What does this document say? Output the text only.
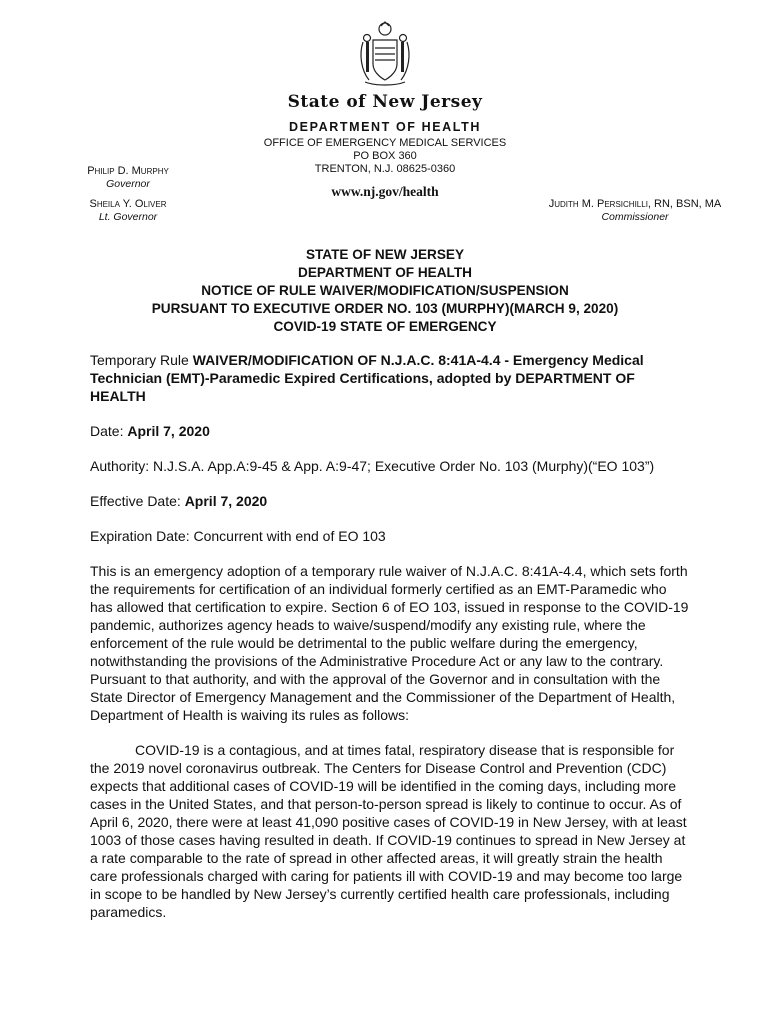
State of New Jersey
DEPARTMENT OF HEALTH
OFFICE OF EMERGENCY MEDICAL SERVICES
PO BOX 360
TRENTON, N.J. 08625-0360
www.nj.gov/health
Philip D. Murphy
Governor
Sheila Y. Oliver
Lt. Governor
Judith M. Persichilli, RN, BSN, MA
Commissioner
STATE OF NEW JERSEY
DEPARTMENT OF HEALTH
NOTICE OF RULE WAIVER/MODIFICATION/SUSPENSION
PURSUANT TO EXECUTIVE ORDER NO. 103 (MURPHY)(MARCH 9, 2020)
COVID-19 STATE OF EMERGENCY

Temporary Rule WAIVER/MODIFICATION OF N.J.A.C. 8:41A-4.4 - Emergency Medical Technician (EMT)-Paramedic Expired Certifications, adopted by DEPARTMENT OF HEALTH

Date: April 7, 2020

Authority: N.J.S.A. App.A:9-45 & App. A:9-47; Executive Order No. 103 (Murphy)(“EO 103”)

Effective Date: April 7, 2020

Expiration Date: Concurrent with end of EO 103

This is an emergency adoption of a temporary rule waiver of N.J.A.C. 8:41A-4.4, which sets forth the requirements for certification of an individual formerly certified as an EMT-Paramedic who has allowed that certification to expire. Section 6 of EO 103, issued in response to the COVID-19 pandemic, authorizes agency heads to waive/suspend/modify any existing rule, where the enforcement of the rule would be detrimental to the public welfare during the emergency, notwithstanding the provisions of the Administrative Procedure Act or any law to the contrary. Pursuant to that authority, and with the approval of the Governor and in consultation with the State Director of Emergency Management and the Commissioner of the Department of Health, Department of Health is waiving its rules as follows:

COVID-19 is a contagious, and at times fatal, respiratory disease that is responsible for the 2019 novel coronavirus outbreak. The Centers for Disease Control and Prevention (CDC) expects that additional cases of COVID-19 will be identified in the coming days, including more cases in the United States, and that person-to-person spread is likely to continue to occur. As of April 6, 2020, there were at least 41,090 positive cases of COVID-19 in New Jersey, with at least 1003 of those cases having resulted in death. If COVID-19 continues to spread in New Jersey at a rate comparable to the rate of spread in other affected areas, it will greatly strain the health care professionals charged with caring for patients ill with COVID-19 and may become too large in scope to be handled by New Jersey’s currently certified health care professionals, including paramedics.
